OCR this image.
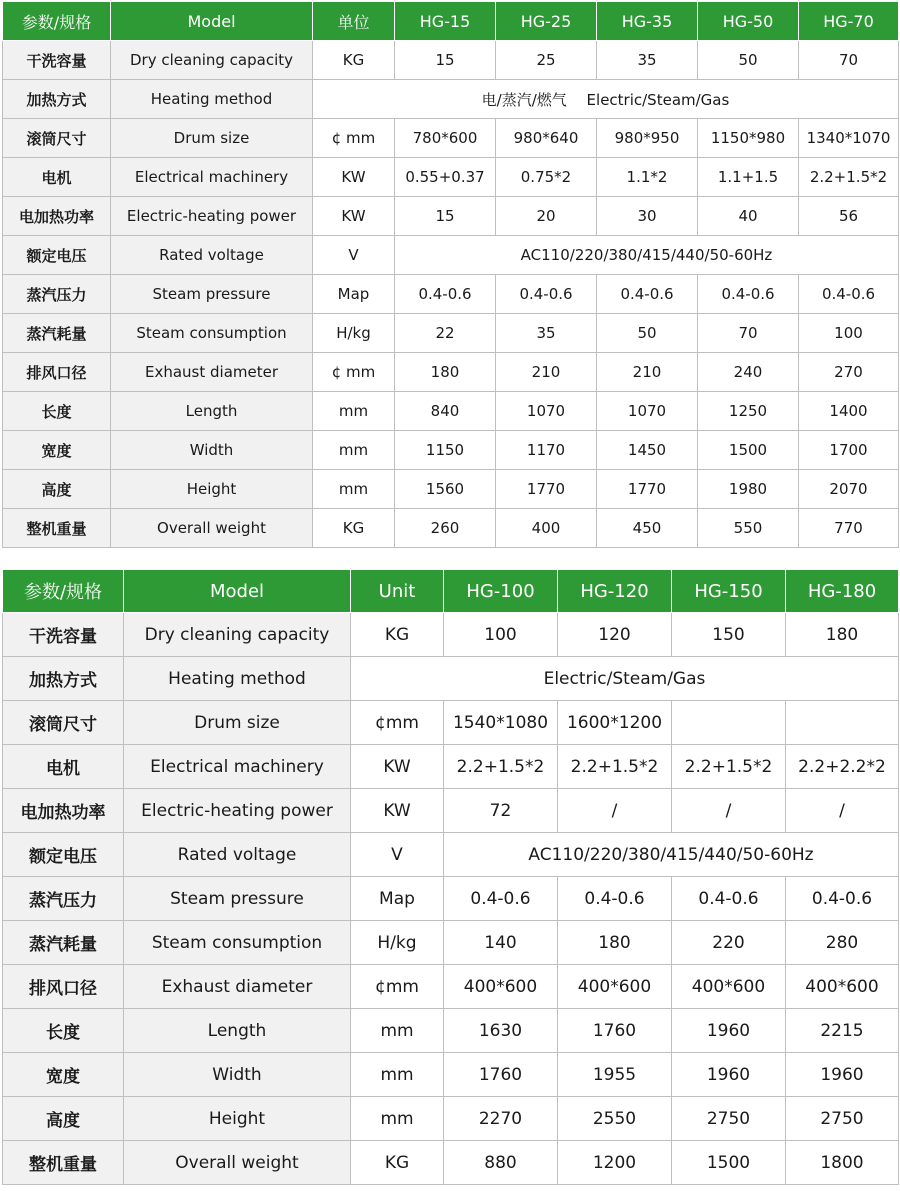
参数/规格	Model	单位	HG-15	HG-25	HG-35	HG-50	HG-70
干洗容量	Dry cleaning capacity	KG	15	25	35	50	70
加热方式	Heating method	电/蒸汽/燃气　 Electric/Steam/Gas					
滚筒尺寸	Drum size	¢ mm	780*600	980*640	980*950	1150*980	1340*1070
电机	Electrical machinery	KW	0.55+0.37	0.75*2	1.1*2	1.1+1.5	2.2+1.5*2
电加热功率	Electric-heating power	KW	15	20	30	40	56
额定电压	Rated voltage	V	AC110/220/380/415/440/50-60Hz				
蒸汽压力	Steam pressure	Map	0.4-0.6	0.4-0.6	0.4-0.6	0.4-0.6	0.4-0.6
蒸汽耗量	Steam consumption	H/kg	22	35	50	70	100
排风口径	Exhaust diameter	¢ mm	180	210	210	240	270
长度	Length	mm	840	1070	1070	1250	1400
宽度	Width	mm	1150	1170	1450	1500	1700
高度	Height	mm	1560	1770	1770	1980	2070
整机重量	Overall weight	KG	260	400	450	550	770
参数/规格	Model	Unit	HG-100	HG-120	HG-150	HG-180
干洗容量	Dry cleaning capacity	KG	100	120	150	180
加热方式	Heating method	Electric/Steam/Gas				
滚筒尺寸	Drum size	¢mm	1540*1080	1600*1200		
电机	Electrical machinery	KW	2.2+1.5*2	2.2+1.5*2	2.2+1.5*2	2.2+2.2*2
电加热功率	Electric-heating power	KW	72	/	/	/
额定电压	Rated voltage	V	AC110/220/380/415/440/50-60Hz			
蒸汽压力	Steam pressure	Map	0.4-0.6	0.4-0.6	0.4-0.6	0.4-0.6
蒸汽耗量	Steam consumption	H/kg	140	180	220	280
排风口径	Exhaust diameter	¢mm	400*600	400*600	400*600	400*600
长度	Length	mm	1630	1760	1960	2215
宽度	Width	mm	1760	1955	1960	1960
高度	Height	mm	2270	2550	2750	2750
整机重量	Overall weight	KG	880	1200	1500	1800
